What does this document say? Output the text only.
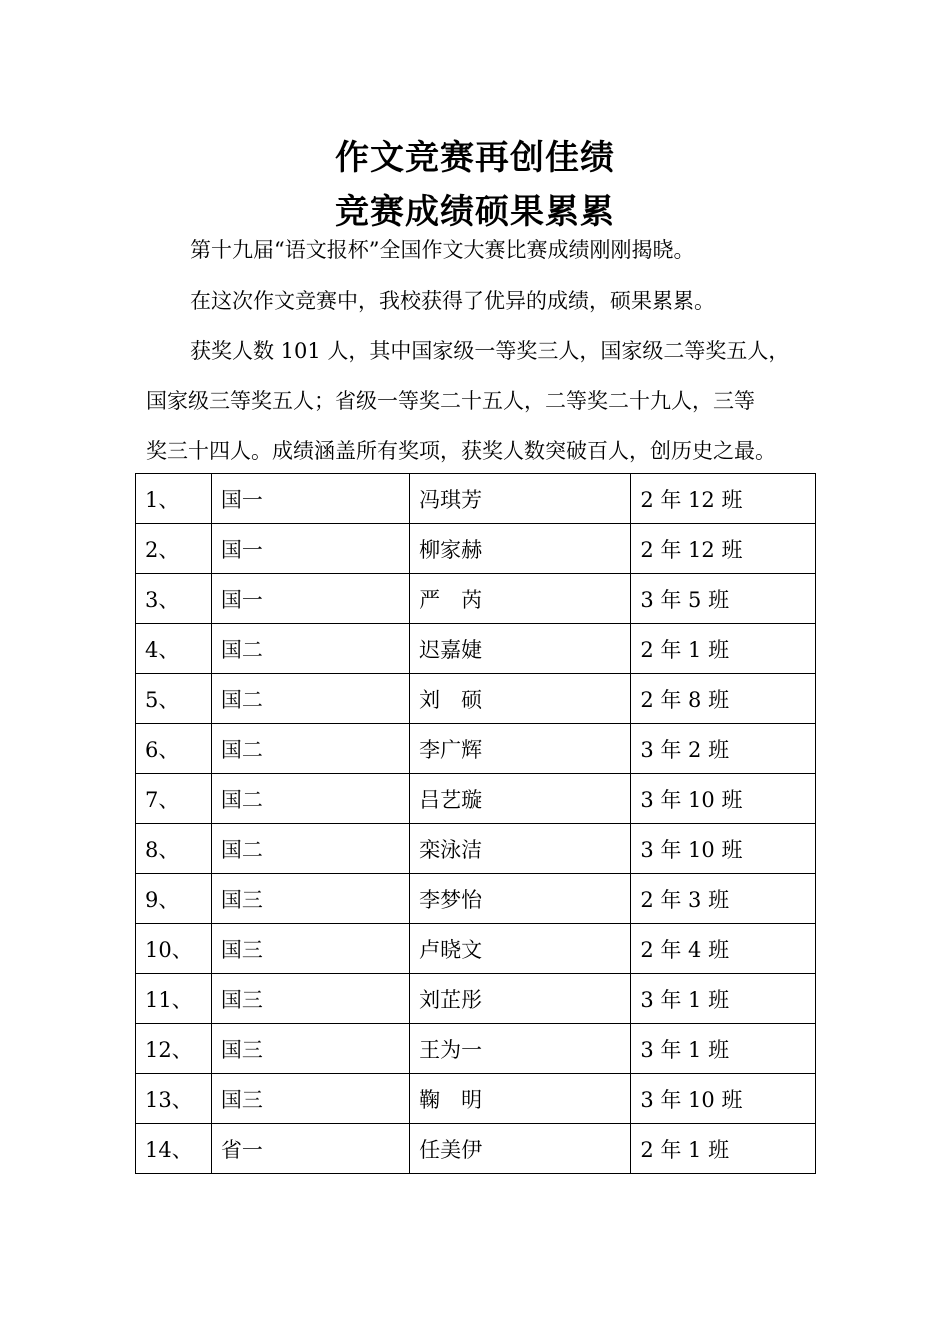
作文竞赛再创佳绩
竞赛成绩硕果累累
第十九届“语文报杯”全国作文大赛比赛成绩刚刚揭晓。
在这次作文竞赛中，我校获得了优异的成绩，硕果累累。
获奖人数 101 人，其中国家级一等奖三人，国家级二等奖五人，
国家级三等奖五人；省级一等奖二十五人，二等奖二十九人，三等
奖三十四人。成绩涵盖所有奖项，获奖人数突破百人，创历史之最。
1、	国一	冯琪芳	2 年 12 班
2、	国一	柳家赫	2 年 12 班
3、	国一	严　芮	3 年 5 班
4、	国二	迟嘉婕	2 年 1 班
5、	国二	刘　硕	2 年 8 班
6、	国二	李广辉	3 年 2 班
7、	国二	吕艺璇	3 年 10 班
8、	国二	栾泳洁	3 年 10 班
9、	国三	李梦怡	2 年 3 班
10、	国三	卢晓文	2 年 4 班
11、	国三	刘芷彤	3 年 1 班
12、	国三	王为一	3 年 1 班
13、	国三	鞠　明	3 年 10 班
14、	省一	任美伊	2 年 1 班
